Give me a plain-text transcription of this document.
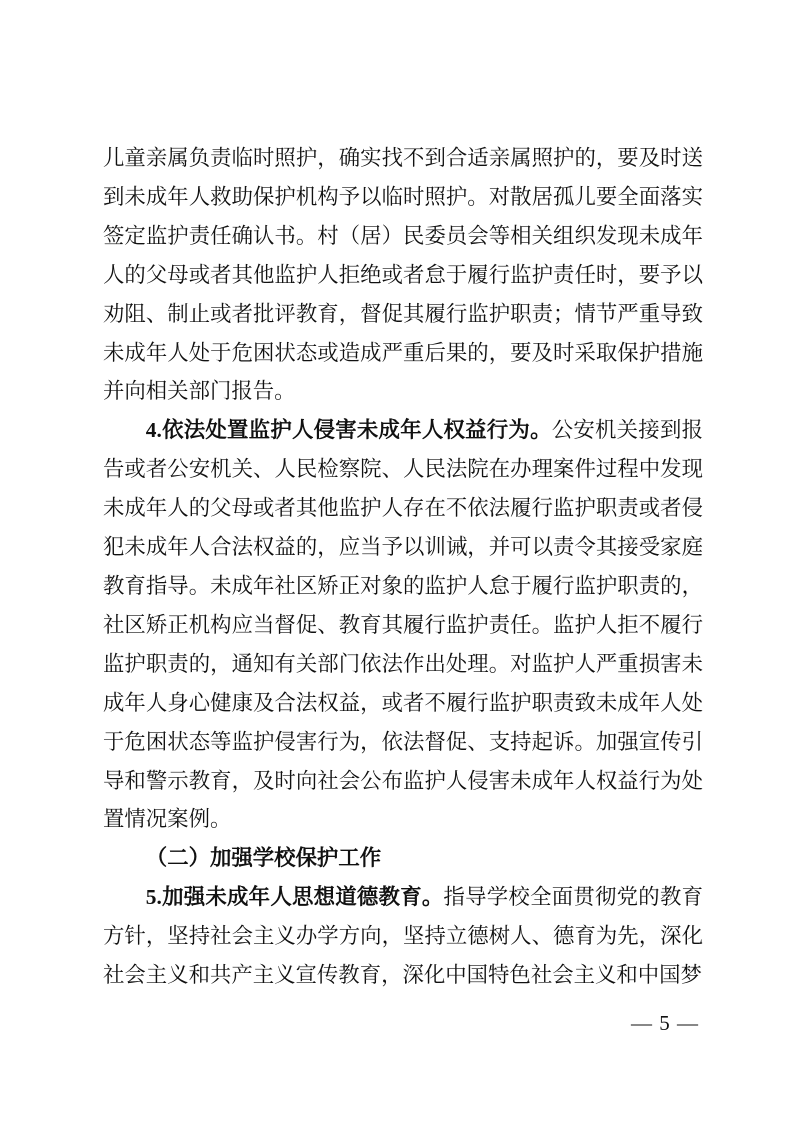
儿童亲属负责临时照护，确实找不到合适亲属照护的，要及时送到未成年人救助保护机构予以临时照护。对散居孤儿要全面落实签定监护责任确认书。村（居）民委员会等相关组织发现未成年人的父母或者其他监护人拒绝或者怠于履行监护责任时，要予以劝阻、制止或者批评教育，督促其履行监护职责；情节严重导致未成年人处于危困状态或造成严重后果的，要及时采取保护措施并向相关部门报告。

4.依法处置监护人侵害未成年人权益行为。公安机关接到报告或者公安机关、人民检察院、人民法院在办理案件过程中发现未成年人的父母或者其他监护人存在不依法履行监护职责或者侵犯未成年人合法权益的，应当予以训诫，并可以责令其接受家庭教育指导。未成年社区矫正对象的监护人怠于履行监护职责的，社区矫正机构应当督促、教育其履行监护责任。监护人拒不履行监护职责的，通知有关部门依法作出处理。对监护人严重损害未成年人身心健康及合法权益，或者不履行监护职责致未成年人处于危困状态等监护侵害行为，依法督促、支持起诉。加强宣传引导和警示教育，及时向社会公布监护人侵害未成年人权益行为处置情况案例。

（二）加强学校保护工作

5.加强未成年人思想道德教育。指导学校全面贯彻党的教育方针，坚持社会主义办学方向，坚持立德树人、德育为先，深化社会主义和共产主义宣传教育，深化中国特色社会主义和中国梦

— 5 —
